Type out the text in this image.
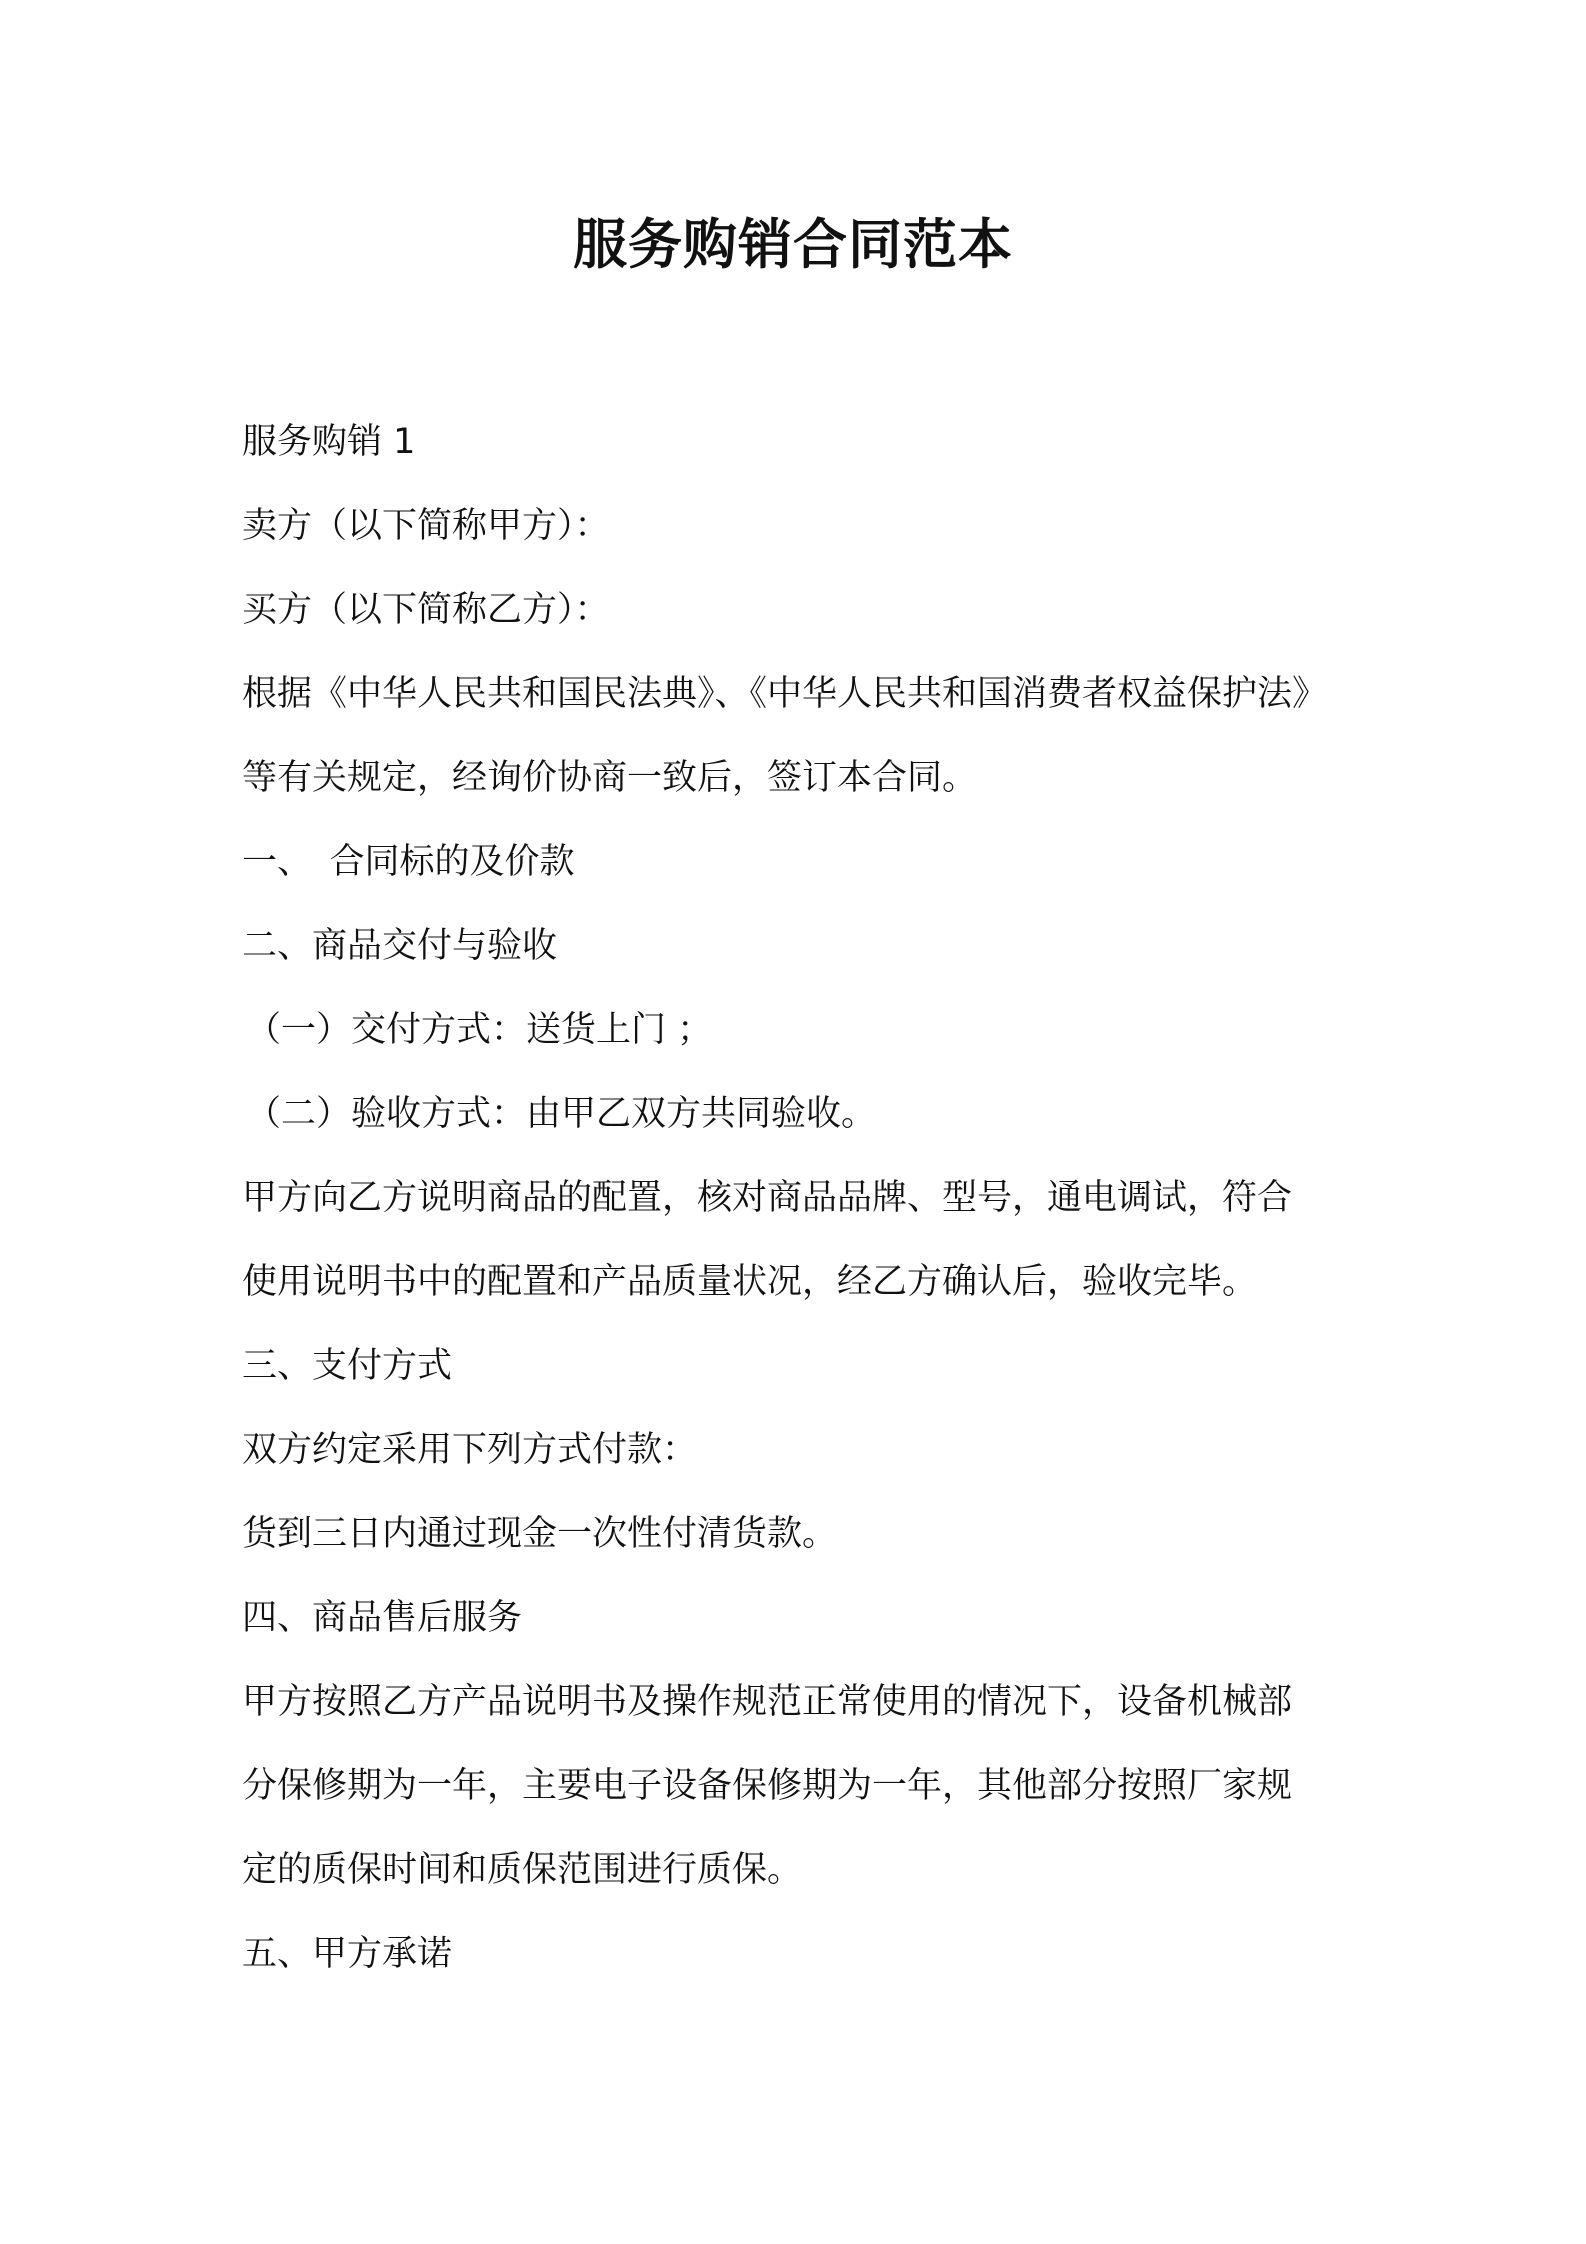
服务购销合同范本
服务购销 1
卖方（以下简称甲方）：
买方（以下简称乙方）：
根据《中华人民共和国民法典》、《中华人民共和国消费者权益保护法》
等有关规定，经询价协商一致后，签订本合同。
一、　合同标的及价款
二、商品交付与验收
（一）交付方式：送货上门 ；
（二）验收方式：由甲乙双方共同验收。
甲方向乙方说明商品的配置，核对商品品牌、型号，通电调试，符合
使用说明书中的配置和产品质量状况，经乙方确认后，验收完毕。
三、支付方式
双方约定采用下列方式付款：
货到三日内通过现金一次性付清货款。
四、商品售后服务
甲方按照乙方产品说明书及操作规范正常使用的情况下，设备机械部
分保修期为一年，主要电子设备保修期为一年，其他部分按照厂家规
定的质保时间和质保范围进行质保。
五、甲方承诺
